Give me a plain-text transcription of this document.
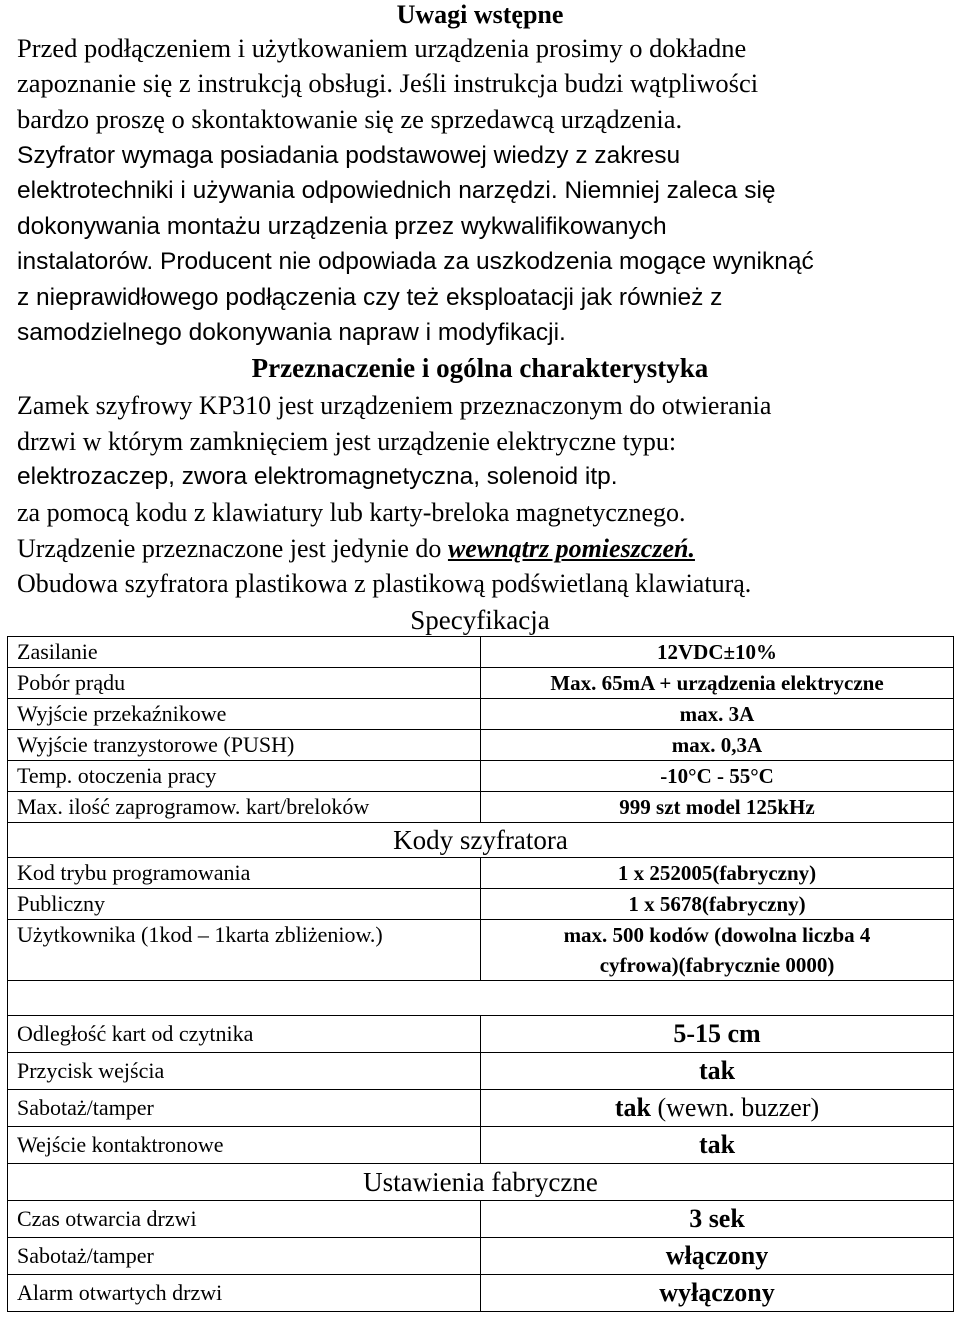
Uwagi wstępne
Przed podłączeniem i użytkowaniem urządzenia prosimy o dokładne
zapoznanie się z instrukcją obsługi. Jeśli instrukcja budzi wątpliwości
bardzo proszę o skontaktowanie się ze sprzedawcą urządzenia.
Szyfrator wymaga posiadania podstawowej wiedzy z zakresu
elektrotechniki i używania odpowiednich narzędzi. Niemniej zaleca się
dokonywania montażu urządzenia przez wykwalifikowanych
instalatorów. Producent nie odpowiada za uszkodzenia mogące wyniknąć
z nieprawidłowego podłączenia czy też eksploatacji jak również z
samodzielnego dokonywania napraw i modyfikacji.
Przeznaczenie i ogólna charakterystyka
Zamek szyfrowy KP310 jest urządzeniem przeznaczonym do otwierania
drzwi w którym zamknięciem jest urządzenie elektryczne typu:
elektrozaczep, zwora elektromagnetyczna, solenoid itp.
za pomocą kodu z klawiatury lub karty-breloka magnetycznego.
Urządzenie przeznaczone jest jedynie do wewnątrz pomieszczeń.
Obudowa szyfratora plastikowa z plastikową podświetlaną klawiaturą.
Specyfikacja
Zasilanie	12VDC±10%
Pobór prądu	Max. 65mA + urządzenia elektryczne
Wyjście przekaźnikowe	max. 3A
Wyjście tranzystorowe (PUSH)	max. 0,3A
Temp. otoczenia pracy	-10°C - 55°C
Max. ilość zaprogramow. kart/breloków	999 szt model 125kHz
Kody szyfratora	
Kod trybu programowania	1 x 252005(fabryczny)
Publiczny	1 x 5678(fabryczny)
Użytkownika (1kod – 1karta zbliżeniow.)	max. 500 kodów (dowolna liczba 4
cyfrowa)(fabrycznie 0000)

Odległość kart od czytnika	5-15 cm
Przycisk wejścia	tak
Sabotaż/tamper	tak (wewn. buzzer)
Wejście kontaktronowe	tak
Ustawienia fabryczne	
Czas otwarcia drzwi	3 sek
Sabotaż/tamper	włączony
Alarm otwartych drzwi	wyłączony
